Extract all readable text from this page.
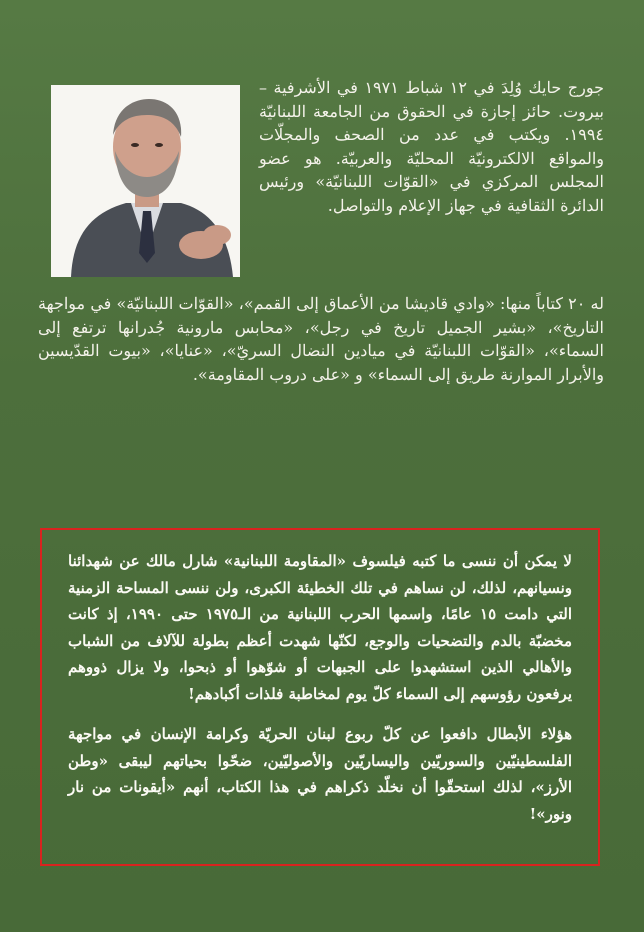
جورج حايك وُلِدَ في ١٢ شباط ١٩٧١ في الأشرفية – بيروت. حائز إجازة في الحقوق من الجامعة اللبنانيّة ١٩٩٤. ويكتب في عدد من الصحف والمجلّات والمواقع الالكترونيّة المحليّة والعربيّة. هو عضو المجلس المركزي في «القوّات اللبنانيّة» ورئيس الدائرة الثقافية في جهاز الإعلام والتواصل.

له ٢٠ كتاباً منها: «وادي قاديشا من الأعماق إلى القمم»، «القوّات اللبنانيّة» في مواجهة التاريخ»، «بشير الجميل تاريخ في رجل»، «محابس مارونية جُدرانها ترتفع إلى السماء»، «القوّات اللبنانيّة في ميادين النضال السريّ»، «عنايا»، «بيوت القدّيسين والأبرار الموارنة طريق إلى السماء» و «على دروب المقاومة».

لا يمكن أن ننسى ما كتبه فيلسوف «المقاومة اللبنانية» شارل مالك عن شهدائنا ونسيانهم، لذلك، لن نساهم في تلك الخطيئة الكبرى، ولن ننسى المساحة الزمنية التي دامت ١٥ عامًا، واسمها الحرب اللبنانية من الـ١٩٧٥ حتى ١٩٩٠، إذ كانت مخضبّة بالدم والتضحيات والوجع، لكنّها شهدت أعظم بطولة للآلاف من الشباب والأهالي الذين استشهدوا على الجبهات أو شوّهوا أو ذبحوا، ولا يزال ذووهم يرفعون رؤوسهم إلى السماء كلّ يوم لمخاطبة فلذات أكبادهم!

هؤلاء الأبطال دافعوا عن كلّ ربوع لبنان الحريّة وكرامة الإنسان في مواجهة الفلسطينيّين والسوريّين واليساريّين والأصوليّين، ضحّوا بحياتهم ليبقى «وطن الأرز»، لذلك استحقّوا أن نخلّد ذكراهم في هذا الكتاب، أنهم «أيقونات من نار ونور»!
